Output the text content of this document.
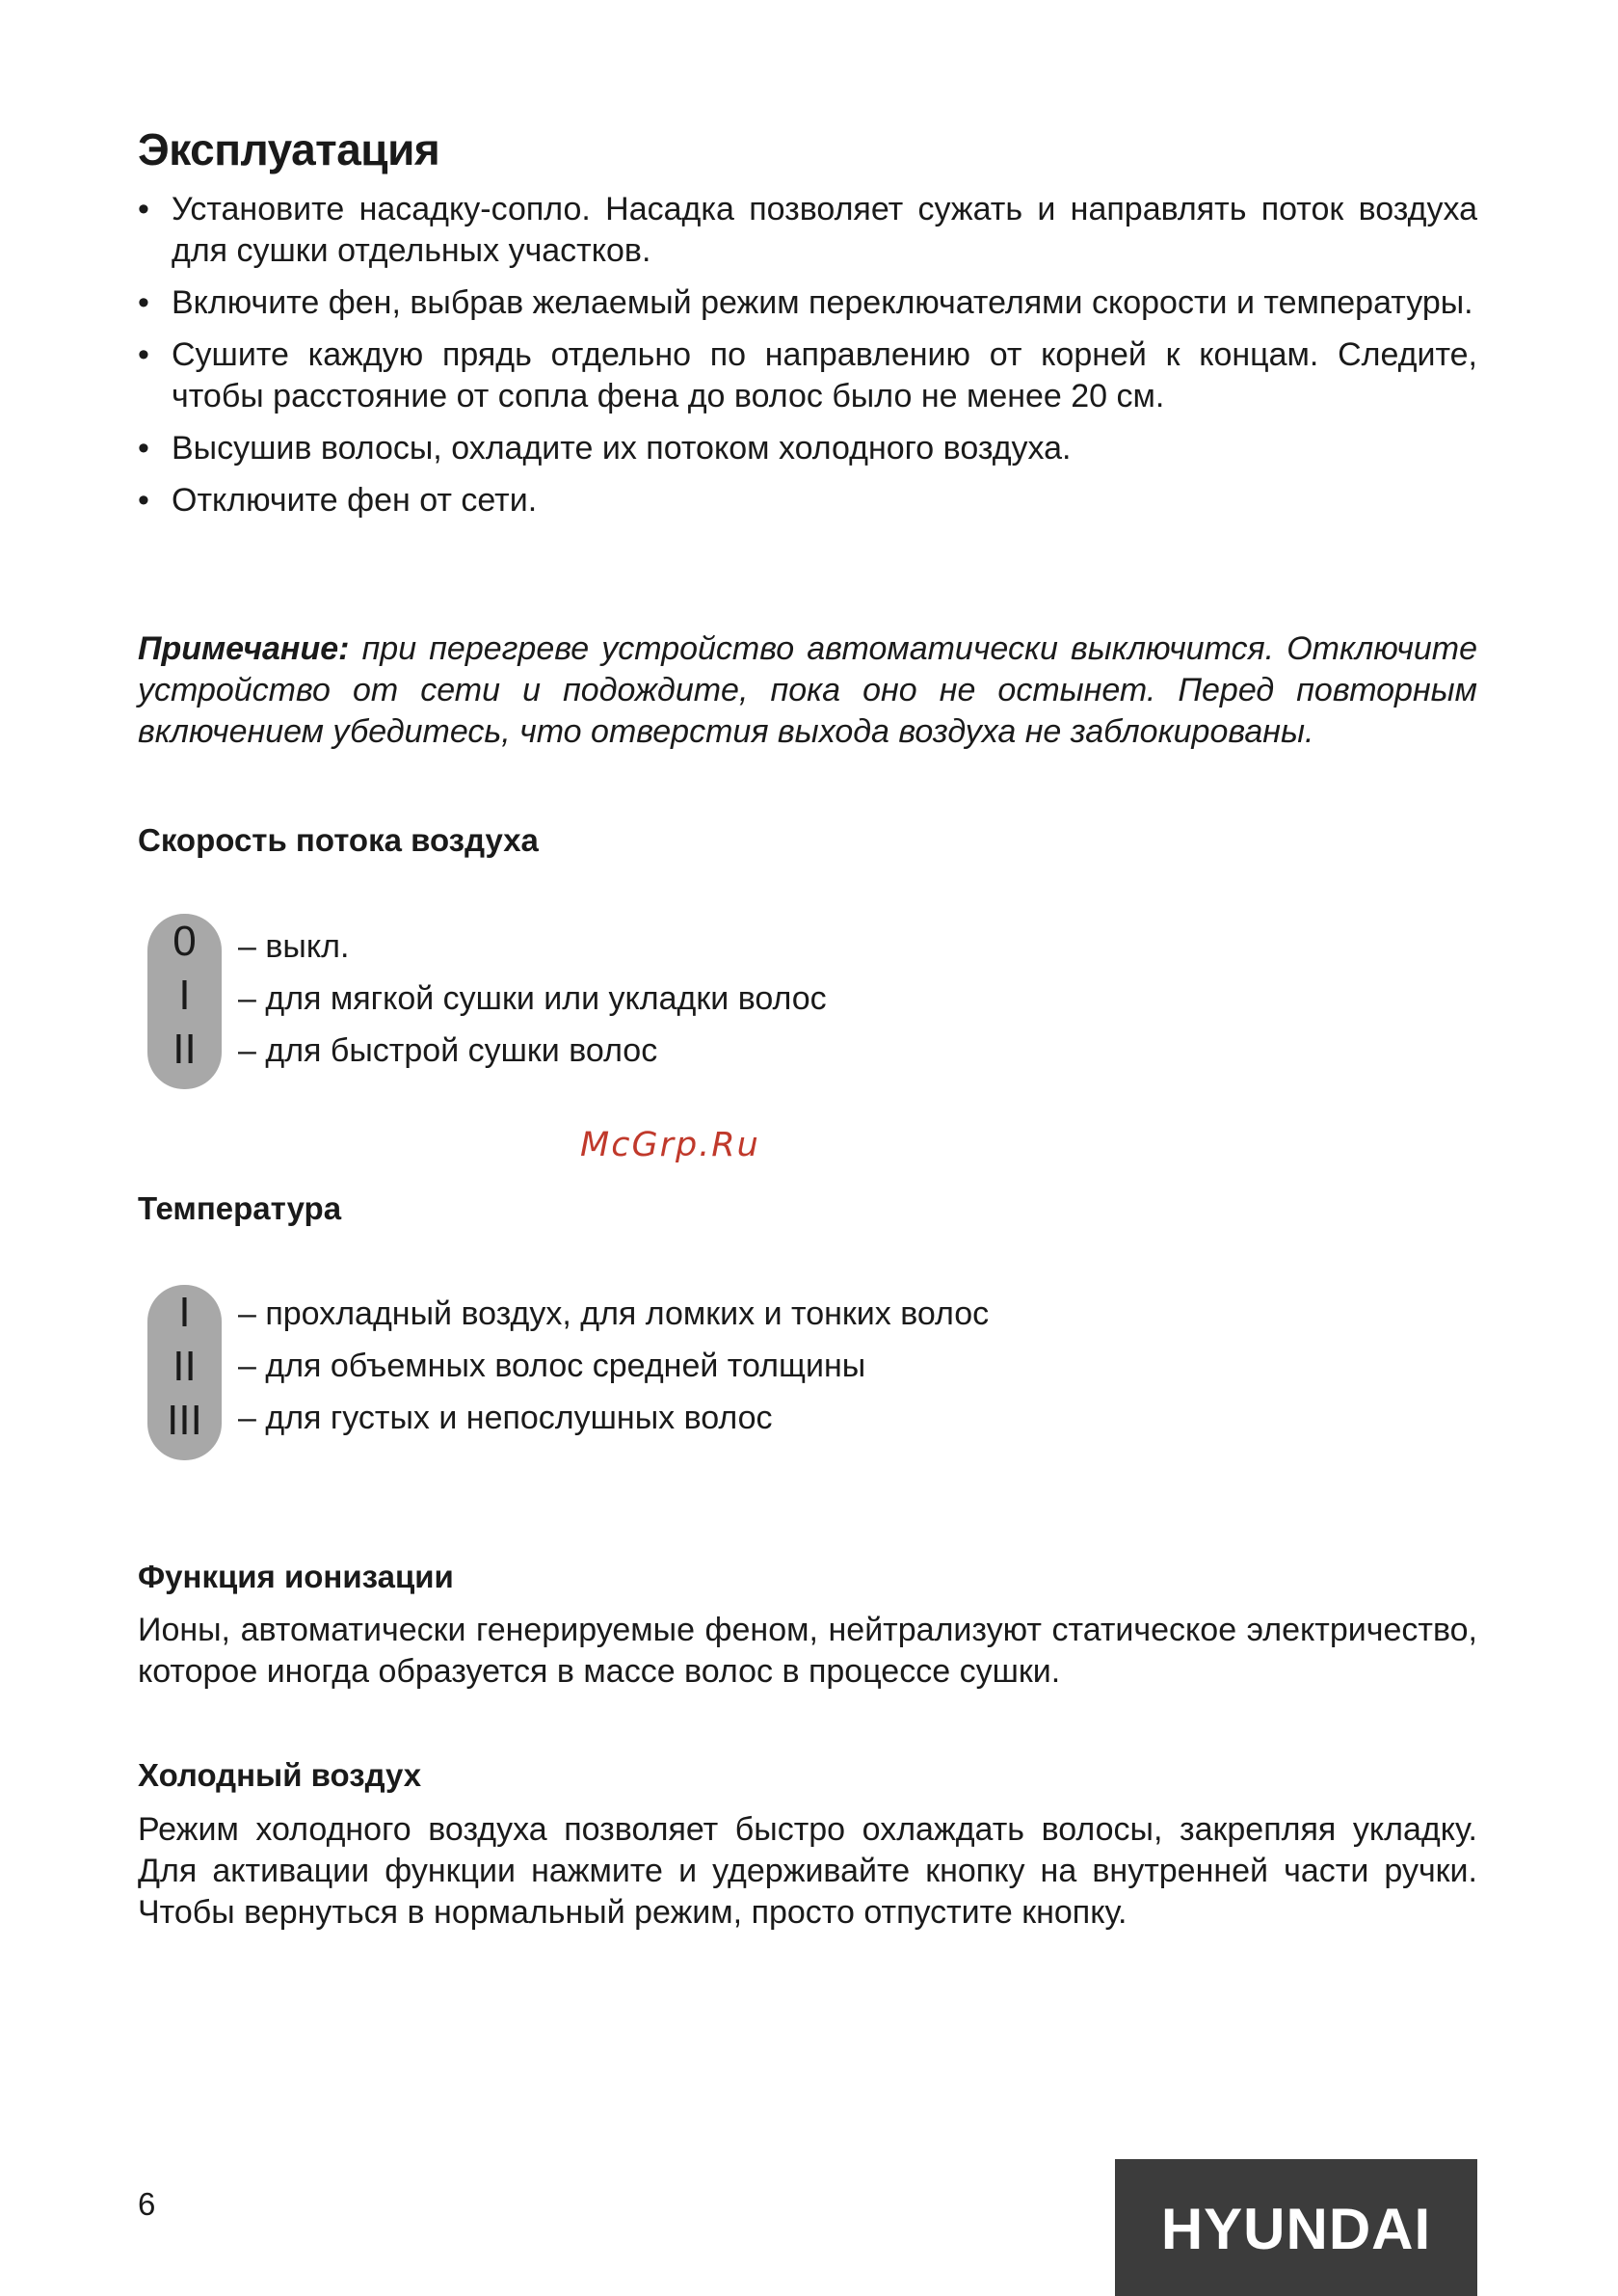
Эксплуатация
• Установите насадку-сопло. Насадка позволяет сужать и направлять поток воздуха для сушки отдельных участков.
• Включите фен, выбрав желаемый режим переключателями скорости и температуры.
• Сушите каждую прядь отдельно по направлению от корней к концам. Следите, чтобы расстояние от сопла фена до волос было не менее 20 см.
• Высушив волосы, охладите их потоком холодного воздуха.
• Отключите фен от сети.

Примечание: при перегреве устройство автоматически выключится. Отключите устройство от сети и подождите, пока оно не остынет. Перед повторным включением убедитесь, что отверстия выхода воздуха не заблокированы.

Скорость потока воздуха
0
I
II
– выкл.
– для мягкой сушки или укладки волос
– для быстрой сушки волос
Температура
I
II
III
– прохладный воздух, для ломких и тонких волос
– для объемных волос средней толщины
– для густых и непослушных волос
Функция ионизации

Ионы, автоматически генерируемые феном, нейтрализуют статическое электричество, которое иногда образуется в массе волос в процессе сушки.

Холодный воздух

Режим холодного воздуха позволяет быстро охлаждать волосы, закрепляя укладку. Для активации функции нажмите и удерживайте кнопку на внутренней части ручки. Чтобы вернуться в нормальный режим, просто отпустите кнопку.

6
McGrp.Ru
HYUNDAI
